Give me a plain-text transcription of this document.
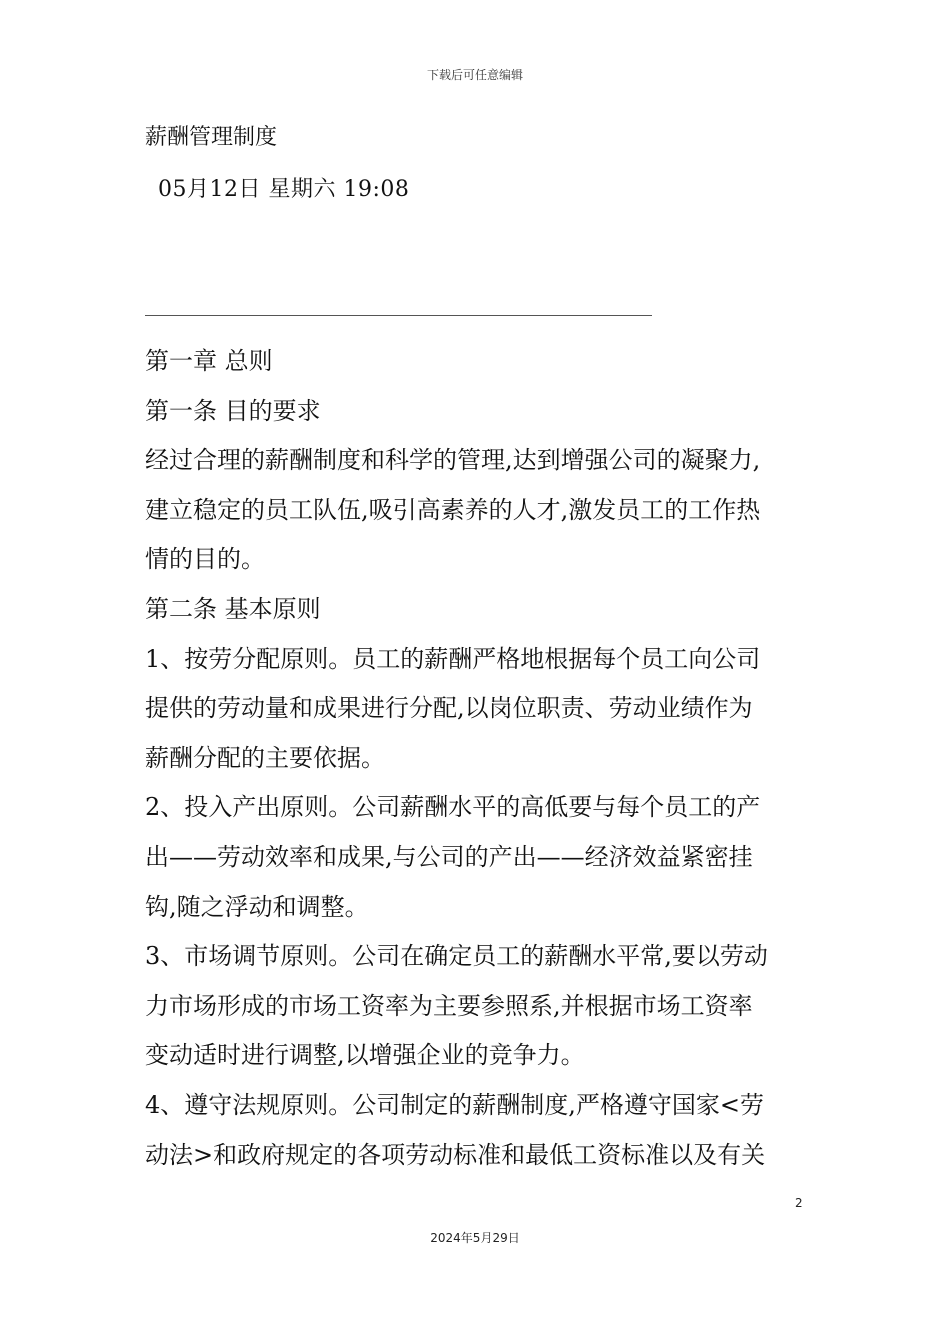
下载后可任意编辑
薪酬管理制度
05月12日 星期六 19:08
第一章 总则
第一条 目的要求
经过合理的薪酬制度和科学的管理,达到增强公司的凝聚力,
建立稳定的员工队伍,吸引高素养的人才,激发员工的工作热
情的目的。
第二条 基本原则
1、按劳分配原则。员工的薪酬严格地根据每个员工向公司
提供的劳动量和成果进行分配,以岗位职责、劳动业绩作为
薪酬分配的主要依据。
2、投入产出原则。公司薪酬水平的高低要与每个员工的产
出——劳动效率和成果,与公司的产出——经济效益紧密挂
钩,随之浮动和调整。
3、市场调节原则。公司在确定员工的薪酬水平常,要以劳动
力市场形成的市场工资率为主要参照系,并根据市场工资率
变动适时进行调整,以增强企业的竞争力。
4、遵守法规原则。公司制定的薪酬制度,严格遵守国家<劳
动法>和政府规定的各项劳动标准和最低工资标准以及有关
2
2024年5月29日
